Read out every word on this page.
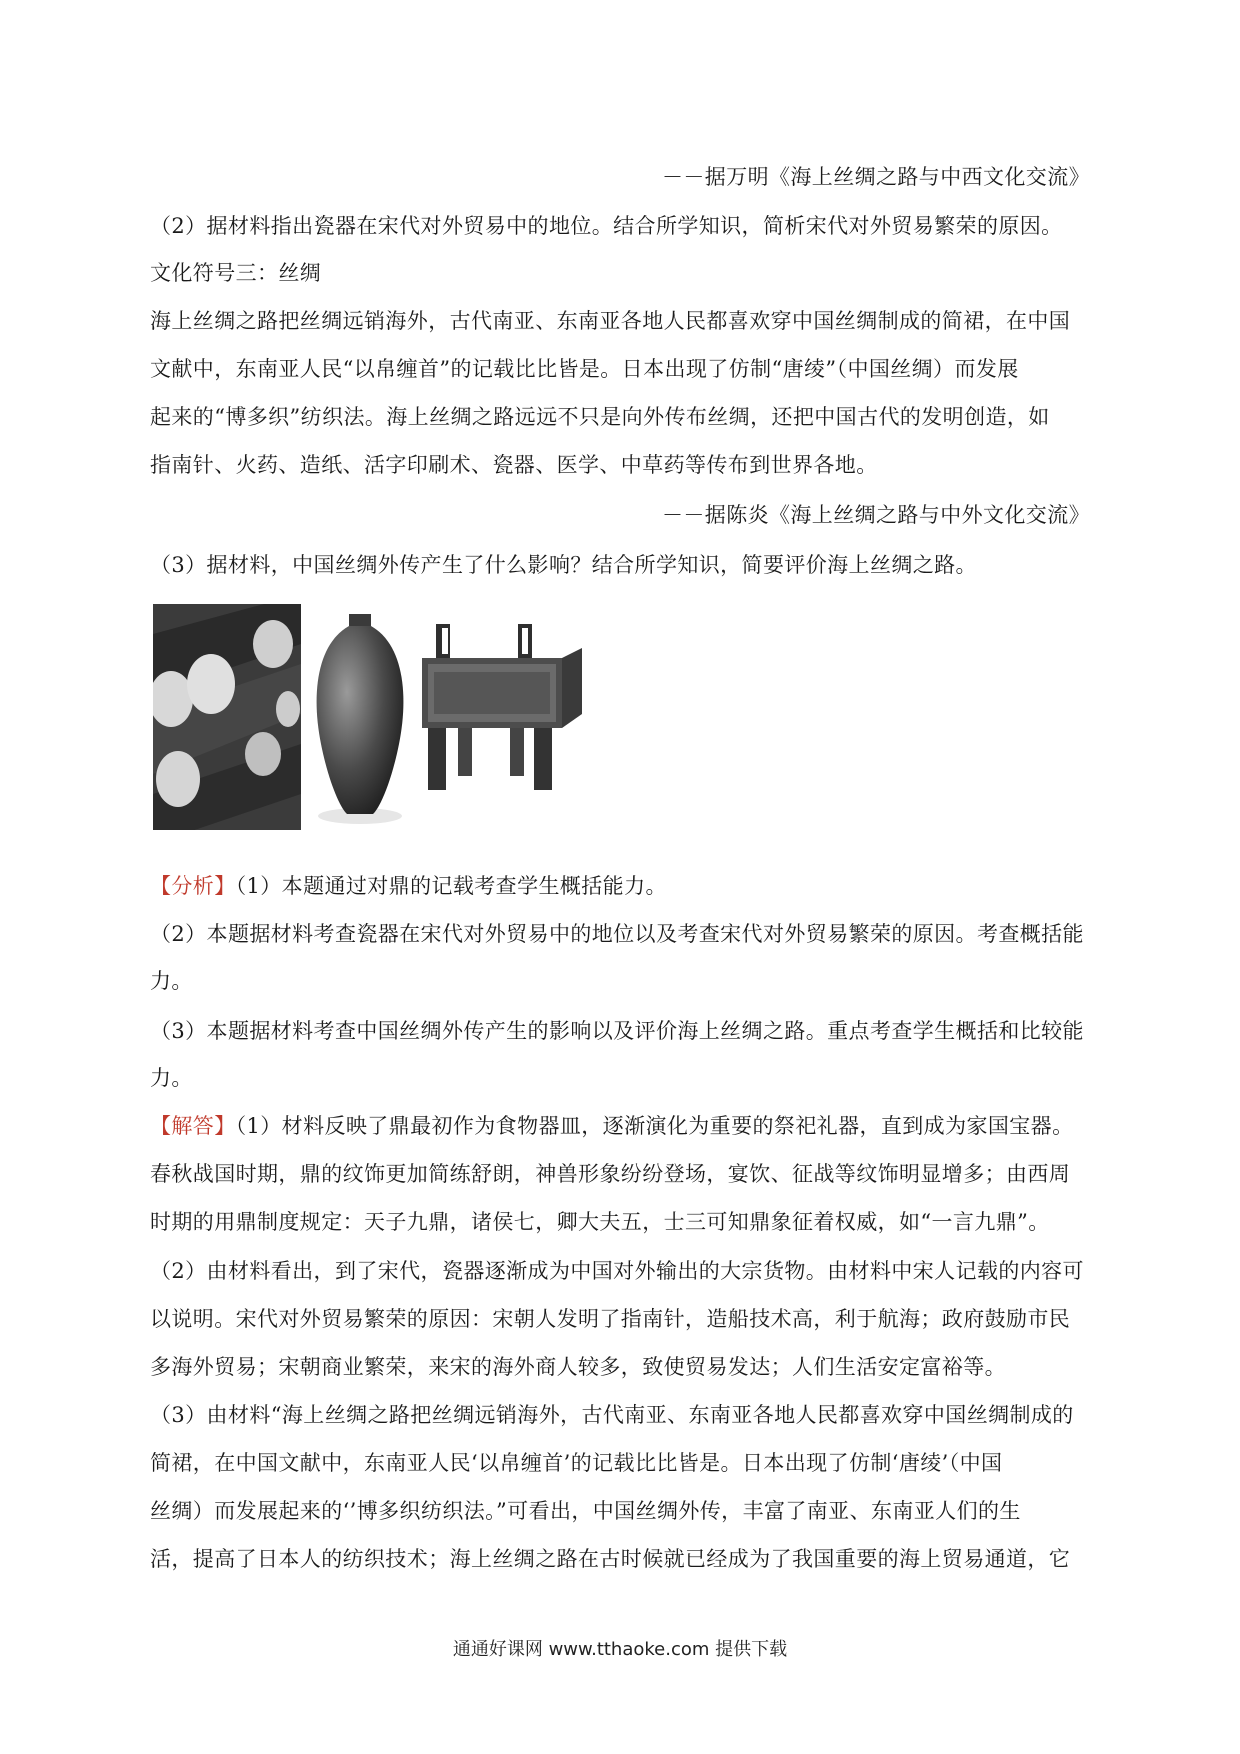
－－据万明《海上丝绸之路与中西文化交流》
（2）据材料指出瓷器在宋代对外贸易中的地位。结合所学知识，简析宋代对外贸易繁荣的原因。
文化符号三：丝绸
海上丝绸之路把丝绸远销海外，古代南亚、东南亚各地人民都喜欢穿中国丝绸制成的简裙，在中国
文献中，东南亚人民“以帛缠首”的记载比比皆是。日本出现了仿制“唐绫”（中国丝绸）而发展
起来的“博多织”纺织法。海上丝绸之路远远不只是向外传布丝绸，还把中国古代的发明创造，如
指南针、火药、造纸、活字印刷术、瓷器、医学、中草药等传布到世界各地。
－－据陈炎《海上丝绸之路与中外文化交流》
（3）据材料，中国丝绸外传产生了什么影响？结合所学知识，简要评价海上丝绸之路。
【分析】（1）本题通过对鼎的记载考查学生概括能力。
（2）本题据材料考查瓷器在宋代对外贸易中的地位以及考查宋代对外贸易繁荣的原因。考查概括能
力。
（3）本题据材料考查中国丝绸外传产生的影响以及评价海上丝绸之路。重点考查学生概括和比较能
力。
【解答】（1）材料反映了鼎最初作为食物器皿，逐渐演化为重要的祭祀礼器，直到成为家国宝器。
春秋战国时期，鼎的纹饰更加简练舒朗，神兽形象纷纷登场，宴饮、征战等纹饰明显增多；由西周
时期的用鼎制度规定：天子九鼎，诸侯七，卿大夫五，士三可知鼎象征着权威，如“一言九鼎”。
（2）由材料看出，到了宋代，瓷器逐渐成为中国对外输出的大宗货物。由材料中宋人记载的内容可
以说明。宋代对外贸易繁荣的原因：宋朝人发明了指南针，造船技术高，利于航海；政府鼓励市民
多海外贸易；宋朝商业繁荣，来宋的海外商人较多，致使贸易发达；人们生活安定富裕等。
（3）由材料“海上丝绸之路把丝绸远销海外，古代南亚、东南亚各地人民都喜欢穿中国丝绸制成的
简裙，在中国文献中，东南亚人民‘以帛缠首’的记载比比皆是。日本出现了仿制‘唐绫’（中国
丝绸）而发展起来的‘’博多织纺织法。”可看出，中国丝绸外传，丰富了南亚、东南亚人们的生
活，提高了日本人的纺织技术；海上丝绸之路在古时候就已经成为了我国重要的海上贸易通道，它
通通好课网 www.tthaoke.com 提供下载
